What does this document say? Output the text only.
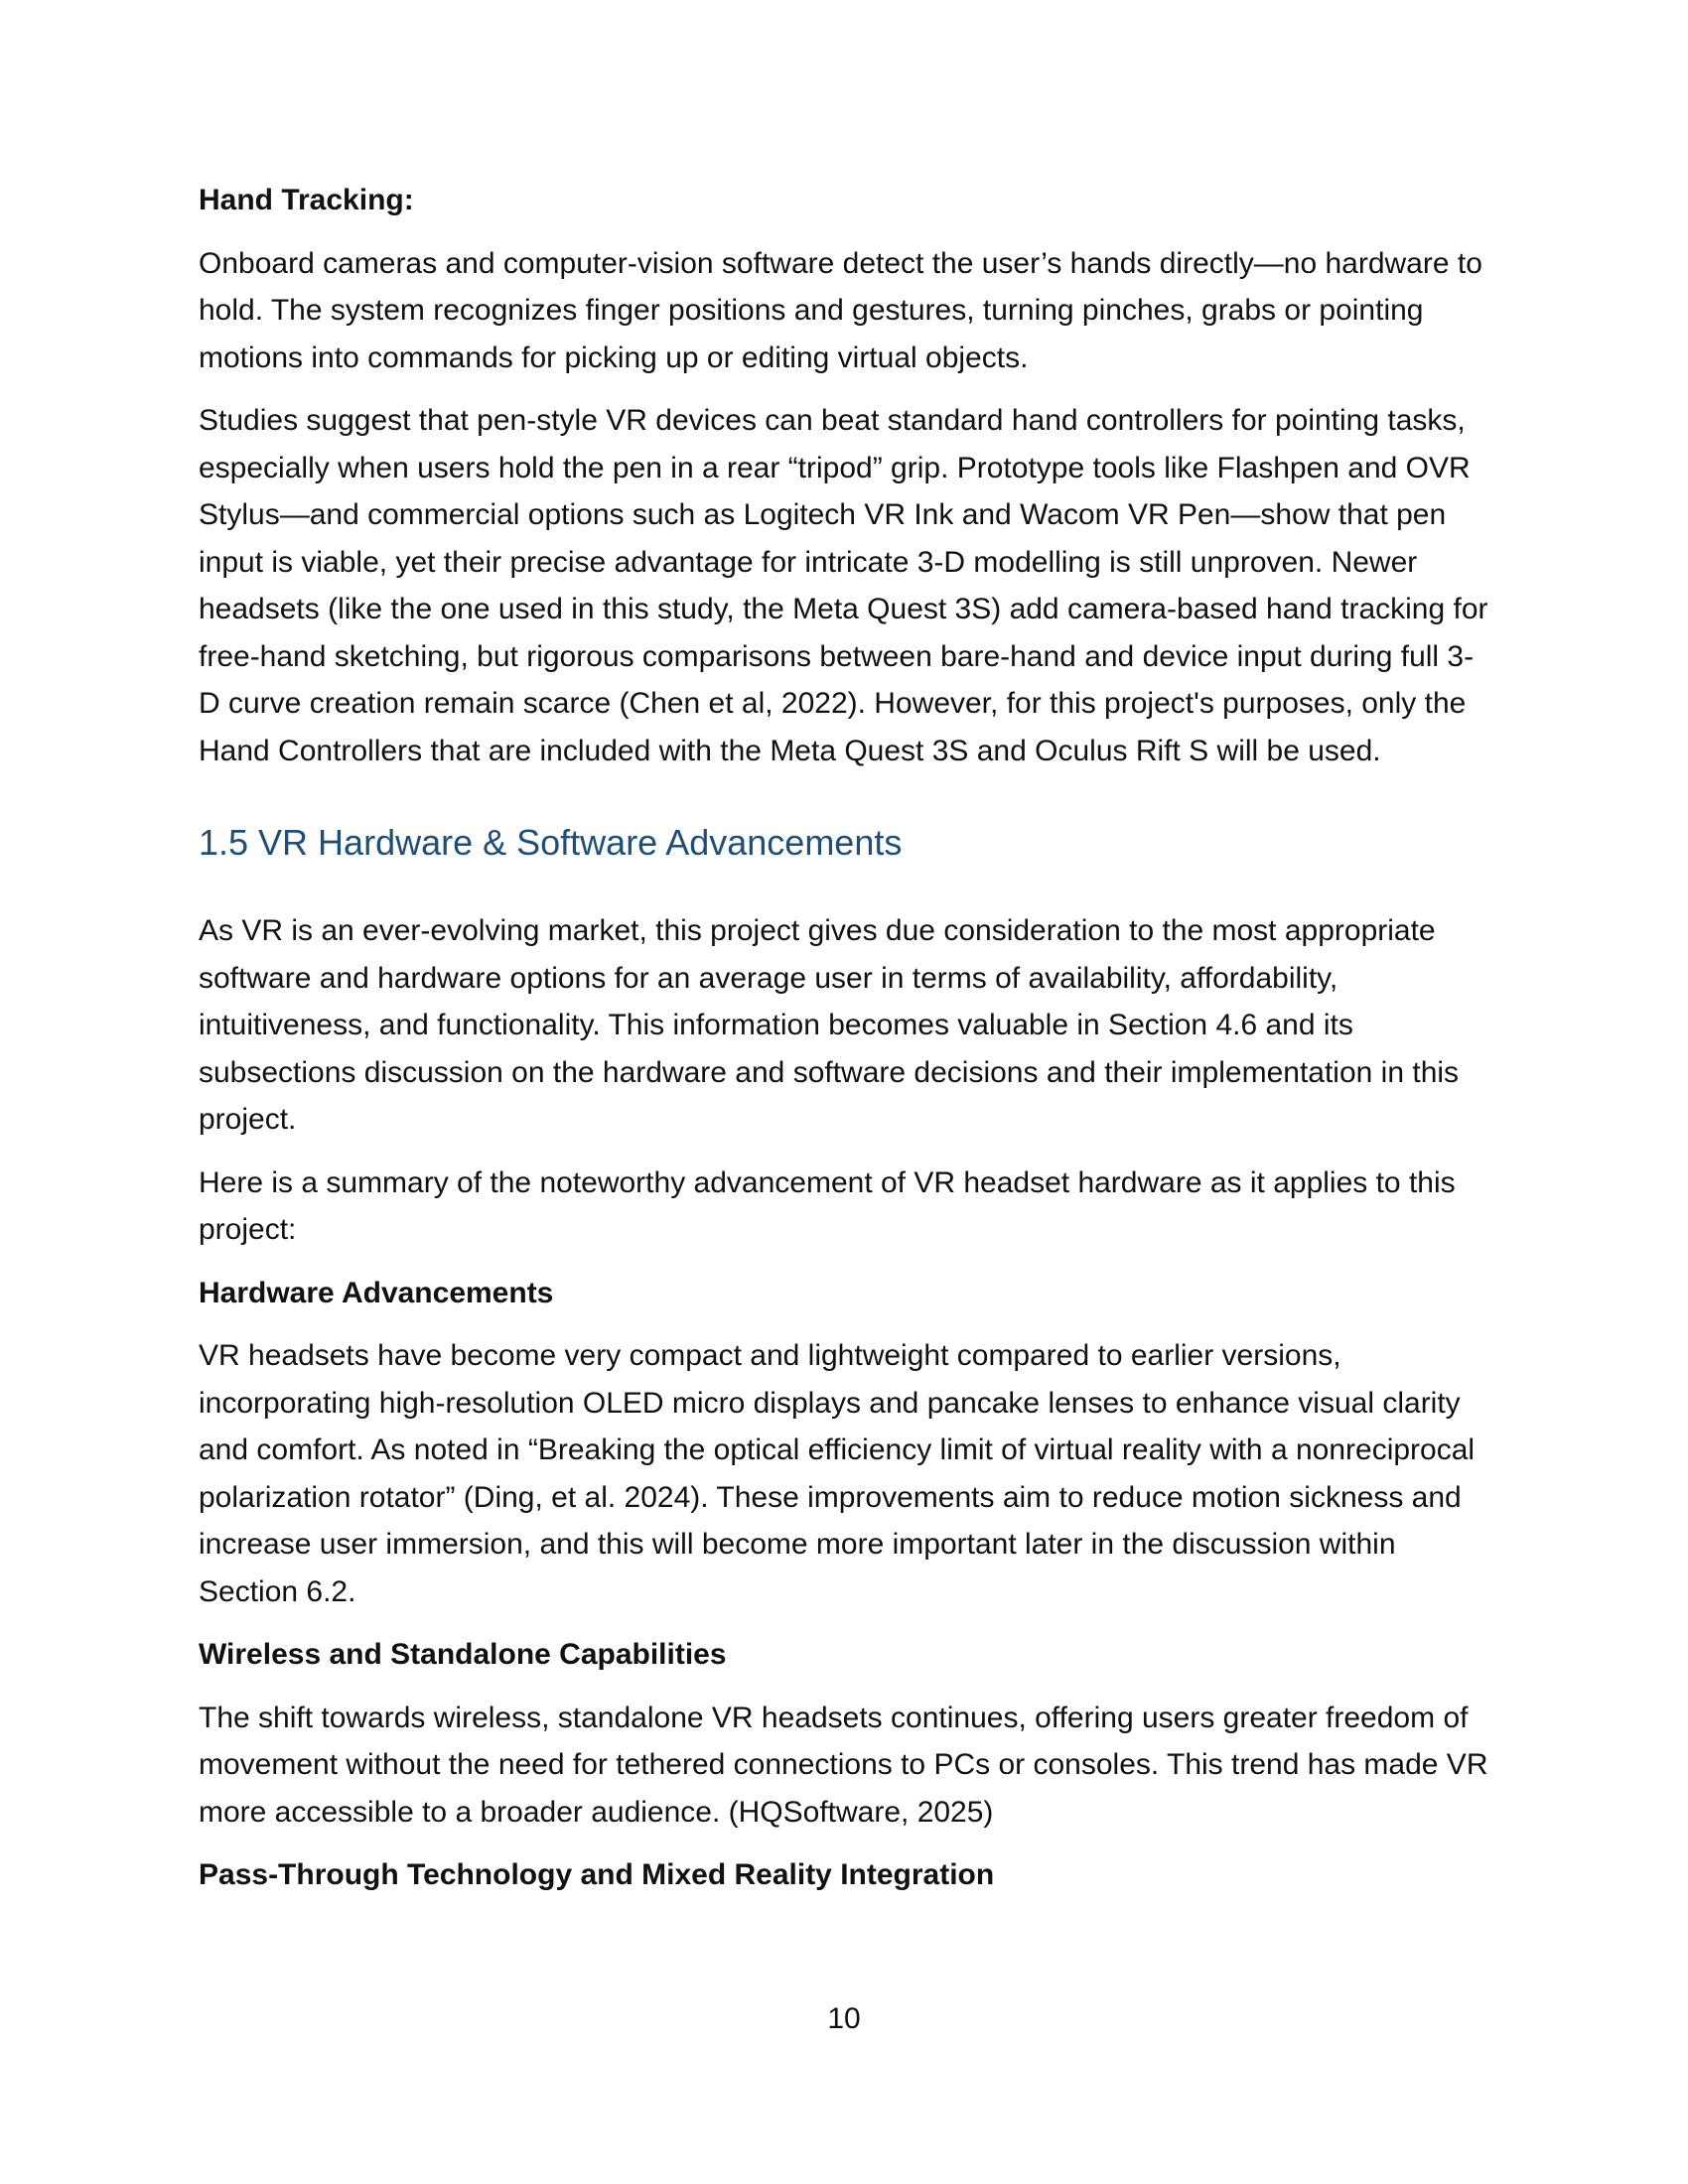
Hand Tracking:

Onboard cameras and computer-vision software detect the user’s hands directly—no hardware to hold. The system recognizes finger positions and gestures, turning pinches, grabs or pointing motions into commands for picking up or editing virtual objects.

Studies suggest that pen-style VR devices can beat standard hand controllers for pointing tasks, especially when users hold the pen in a rear “tripod” grip. Prototype tools like Flashpen and OVR Stylus—and commercial options such as Logitech VR Ink and Wacom VR Pen—show that pen input is viable, yet their precise advantage for intricate 3-D modelling is still unproven. Newer headsets (like the one used in this study, the Meta Quest 3S) add camera-based hand tracking for free-hand sketching, but rigorous comparisons between bare-hand and device input during full 3-D curve creation remain scarce (Chen et al, 2022). However, for this project's purposes, only the Hand Controllers that are included with the Meta Quest 3S and Oculus Rift S will be used.

1.5 VR Hardware & Software Advancements

As VR is an ever-evolving market, this project gives due consideration to the most appropriate software and hardware options for an average user in terms of availability, affordability, intuitiveness, and functionality. This information becomes valuable in Section 4.6 and its subsections discussion on the hardware and software decisions and their implementation in this project.

Here is a summary of the noteworthy advancement of VR headset hardware as it applies to this project:

Hardware Advancements

VR headsets have become very compact and lightweight compared to earlier versions, incorporating high-resolution OLED micro displays and pancake lenses to enhance visual clarity and comfort. As noted in “Breaking the optical efficiency limit of virtual reality with a nonreciprocal polarization rotator” (Ding, et al. 2024). These improvements aim to reduce motion sickness and increase user immersion, and this will become more important later in the discussion within Section 6.2.

Wireless and Standalone Capabilities

The shift towards wireless, standalone VR headsets continues, offering users greater freedom of movement without the need for tethered connections to PCs or consoles. This trend has made VR more accessible to a broader audience. (HQSoftware, 2025)

Pass-Through Technology and Mixed Reality Integration

10
